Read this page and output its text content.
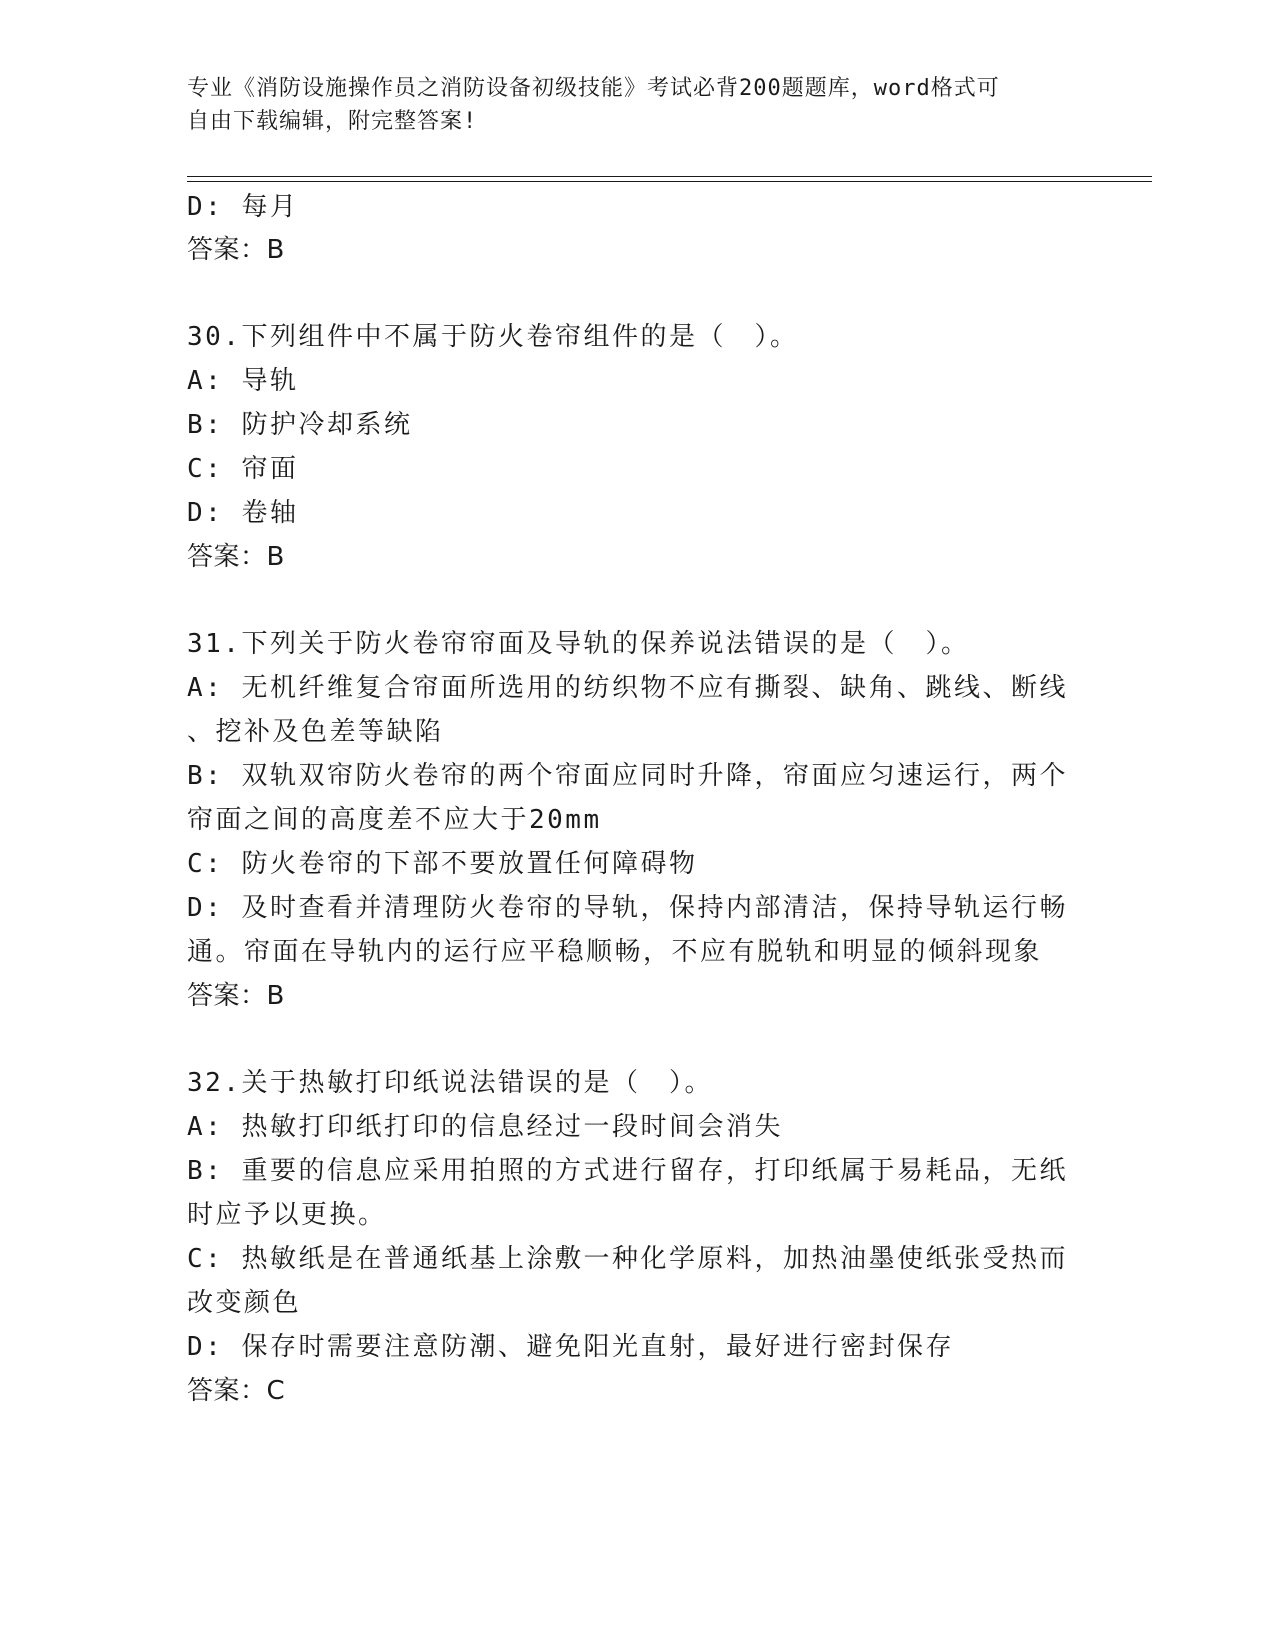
专业《消防设施操作员之消防设备初级技能》考试必背200题题库，word格式可
自由下载编辑，附完整答案!
D: 每月
答案：B
30.下列组件中不属于防火卷帘组件的是（　）。
A: 导轨
B: 防护冷却系统
C: 帘面
D: 卷轴
答案：B
31.下列关于防火卷帘帘面及导轨的保养说法错误的是（　）。
A: 无机纤维复合帘面所选用的纺织物不应有撕裂、缺角、跳线、断线
、挖补及色差等缺陷
B: 双轨双帘防火卷帘的两个帘面应同时升降，帘面应匀速运行，两个
帘面之间的高度差不应大于20mm
C: 防火卷帘的下部不要放置任何障碍物
D: 及时查看并清理防火卷帘的导轨，保持内部清洁，保持导轨运行畅
通。帘面在导轨内的运行应平稳顺畅，不应有脱轨和明显的倾斜现象
答案：B
32.关于热敏打印纸说法错误的是（　）。
A: 热敏打印纸打印的信息经过一段时间会消失
B: 重要的信息应采用拍照的方式进行留存，打印纸属于易耗品，无纸
时应予以更换。
C: 热敏纸是在普通纸基上涂敷一种化学原料，加热油墨使纸张受热而
改变颜色
D: 保存时需要注意防潮、避免阳光直射，最好进行密封保存
答案：C
